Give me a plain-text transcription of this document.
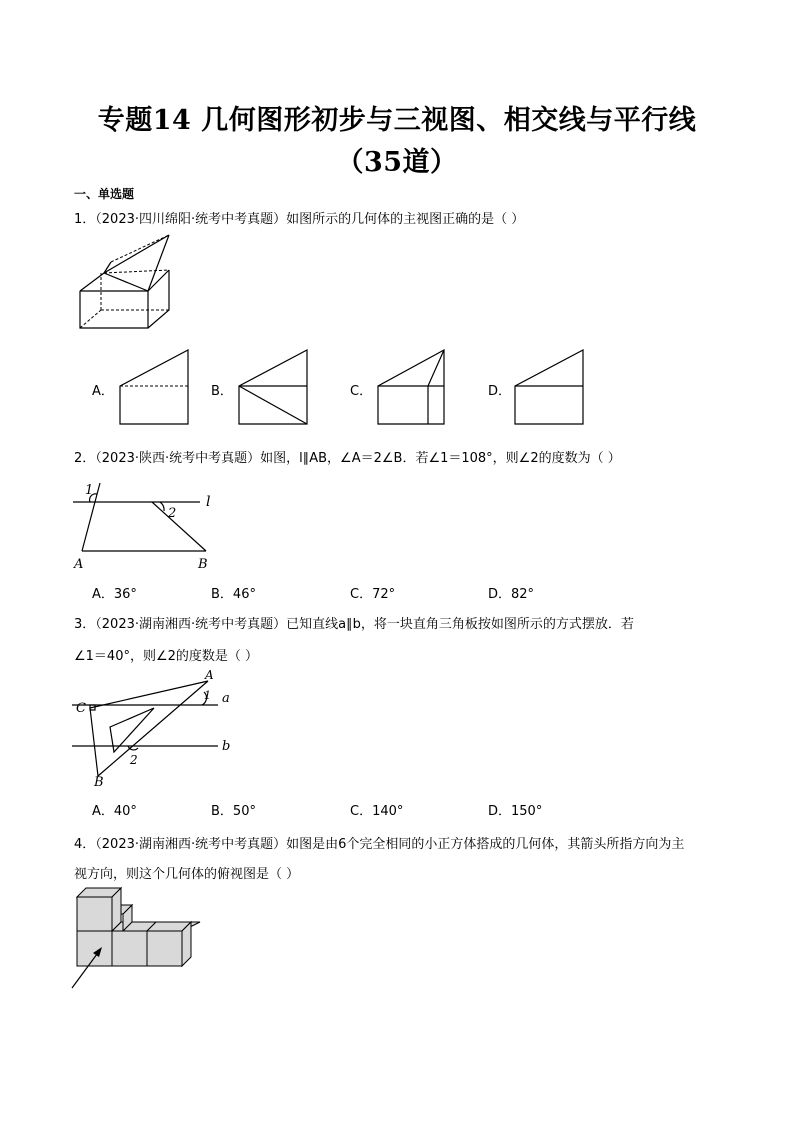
专题14 几何图形初步与三视图、相交线与平行线
（35道）
一、单选题
1．（2023·四川绵阳·统考中考真题）如图所示的几何体的主视图正确的是（ ）
A．	B．	C．	D．
2．（2023·陕西·统考中考真题）如图，l∥AB，∠A＝2∠B．若∠1＝108°，则∠2的度数为（ ）
1
2
l
A	B
A．36°	B．46°	C．72°	D．82°
3．（2023·湖南湘西·统考中考真题）已知直线a∥b，将一块直角三角板按如图所示的方式摆放．若
∠1＝40°，则∠2的度数是（ ）
A
C
1 a
b
2
B
A．40°	B．50°	C．140°	D．150°
4．（2023·湖南湘西·统考中考真题）如图是由6个完全相同的小正方体搭成的几何体，其箭头所指方向为主
视方向，则这个几何体的俯视图是（ ）
